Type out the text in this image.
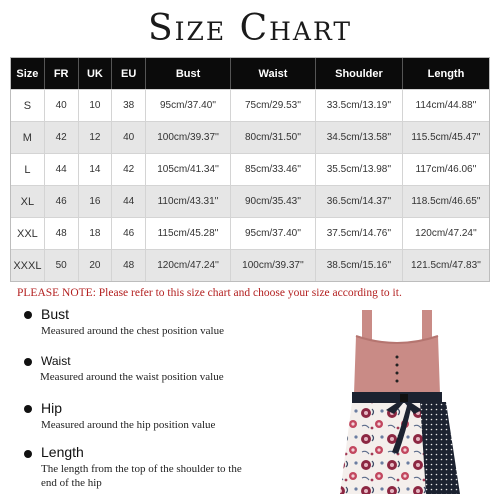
Size Chart
Size	FR	UK	EU	Bust	Waist	Shoulder	Length
S	40	10	38	95cm/37.40''	75cm/29.53''	33.5cm/13.19''	114cm/44.88''
M	42	12	40	100cm/39.37''	80cm/31.50''	34.5cm/13.58''	115.5cm/45.47''
L	44	14	42	105cm/41.34''	85cm/33.46''	35.5cm/13.98''	117cm/46.06''
XL	46	16	44	110cm/43.31''	90cm/35.43''	36.5cm/14.37''	118.5cm/46.65''
XXL	48	18	46	115cm/45.28''	95cm/37.40''	37.5cm/14.76''	120cm/47.24''
XXXL	50	20	48	120cm/47.24''	100cm/39.37''	38.5cm/15.16''	121.5cm/47.83''
PLEASE NOTE: Please refer to this size chart and choose your size according to it.
Bust
Measured around the chest position value
Waist
Measured around the waist position value
Hip
Measured around the hip position value
Length
The length from the top of the shoulder to the end of the hip
